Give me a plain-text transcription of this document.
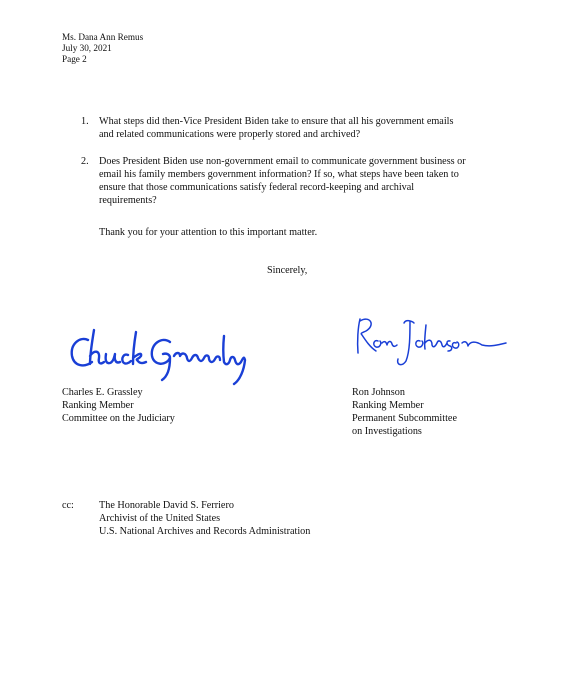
Ms. Dana Ann Remus
July 30, 2021
Page 2
1. What steps did then-Vice President Biden take to ensure that all his government emails
and related communications were properly stored and archived?
2. Does President Biden use non-government email to communicate government business or
email his family members government information? If so, what steps have been taken to
ensure that those communications satisfy federal record-keeping and archival
requirements?
Thank you for your attention to this important matter.
Sincerely,
Charles E. Grassley
Ranking Member
Committee on the Judiciary
Ron Johnson
Ranking Member
Permanent Subcommittee
on Investigations
cc: The Honorable David S. Ferriero
Archivist of the United States
U.S. National Archives and Records Administration
